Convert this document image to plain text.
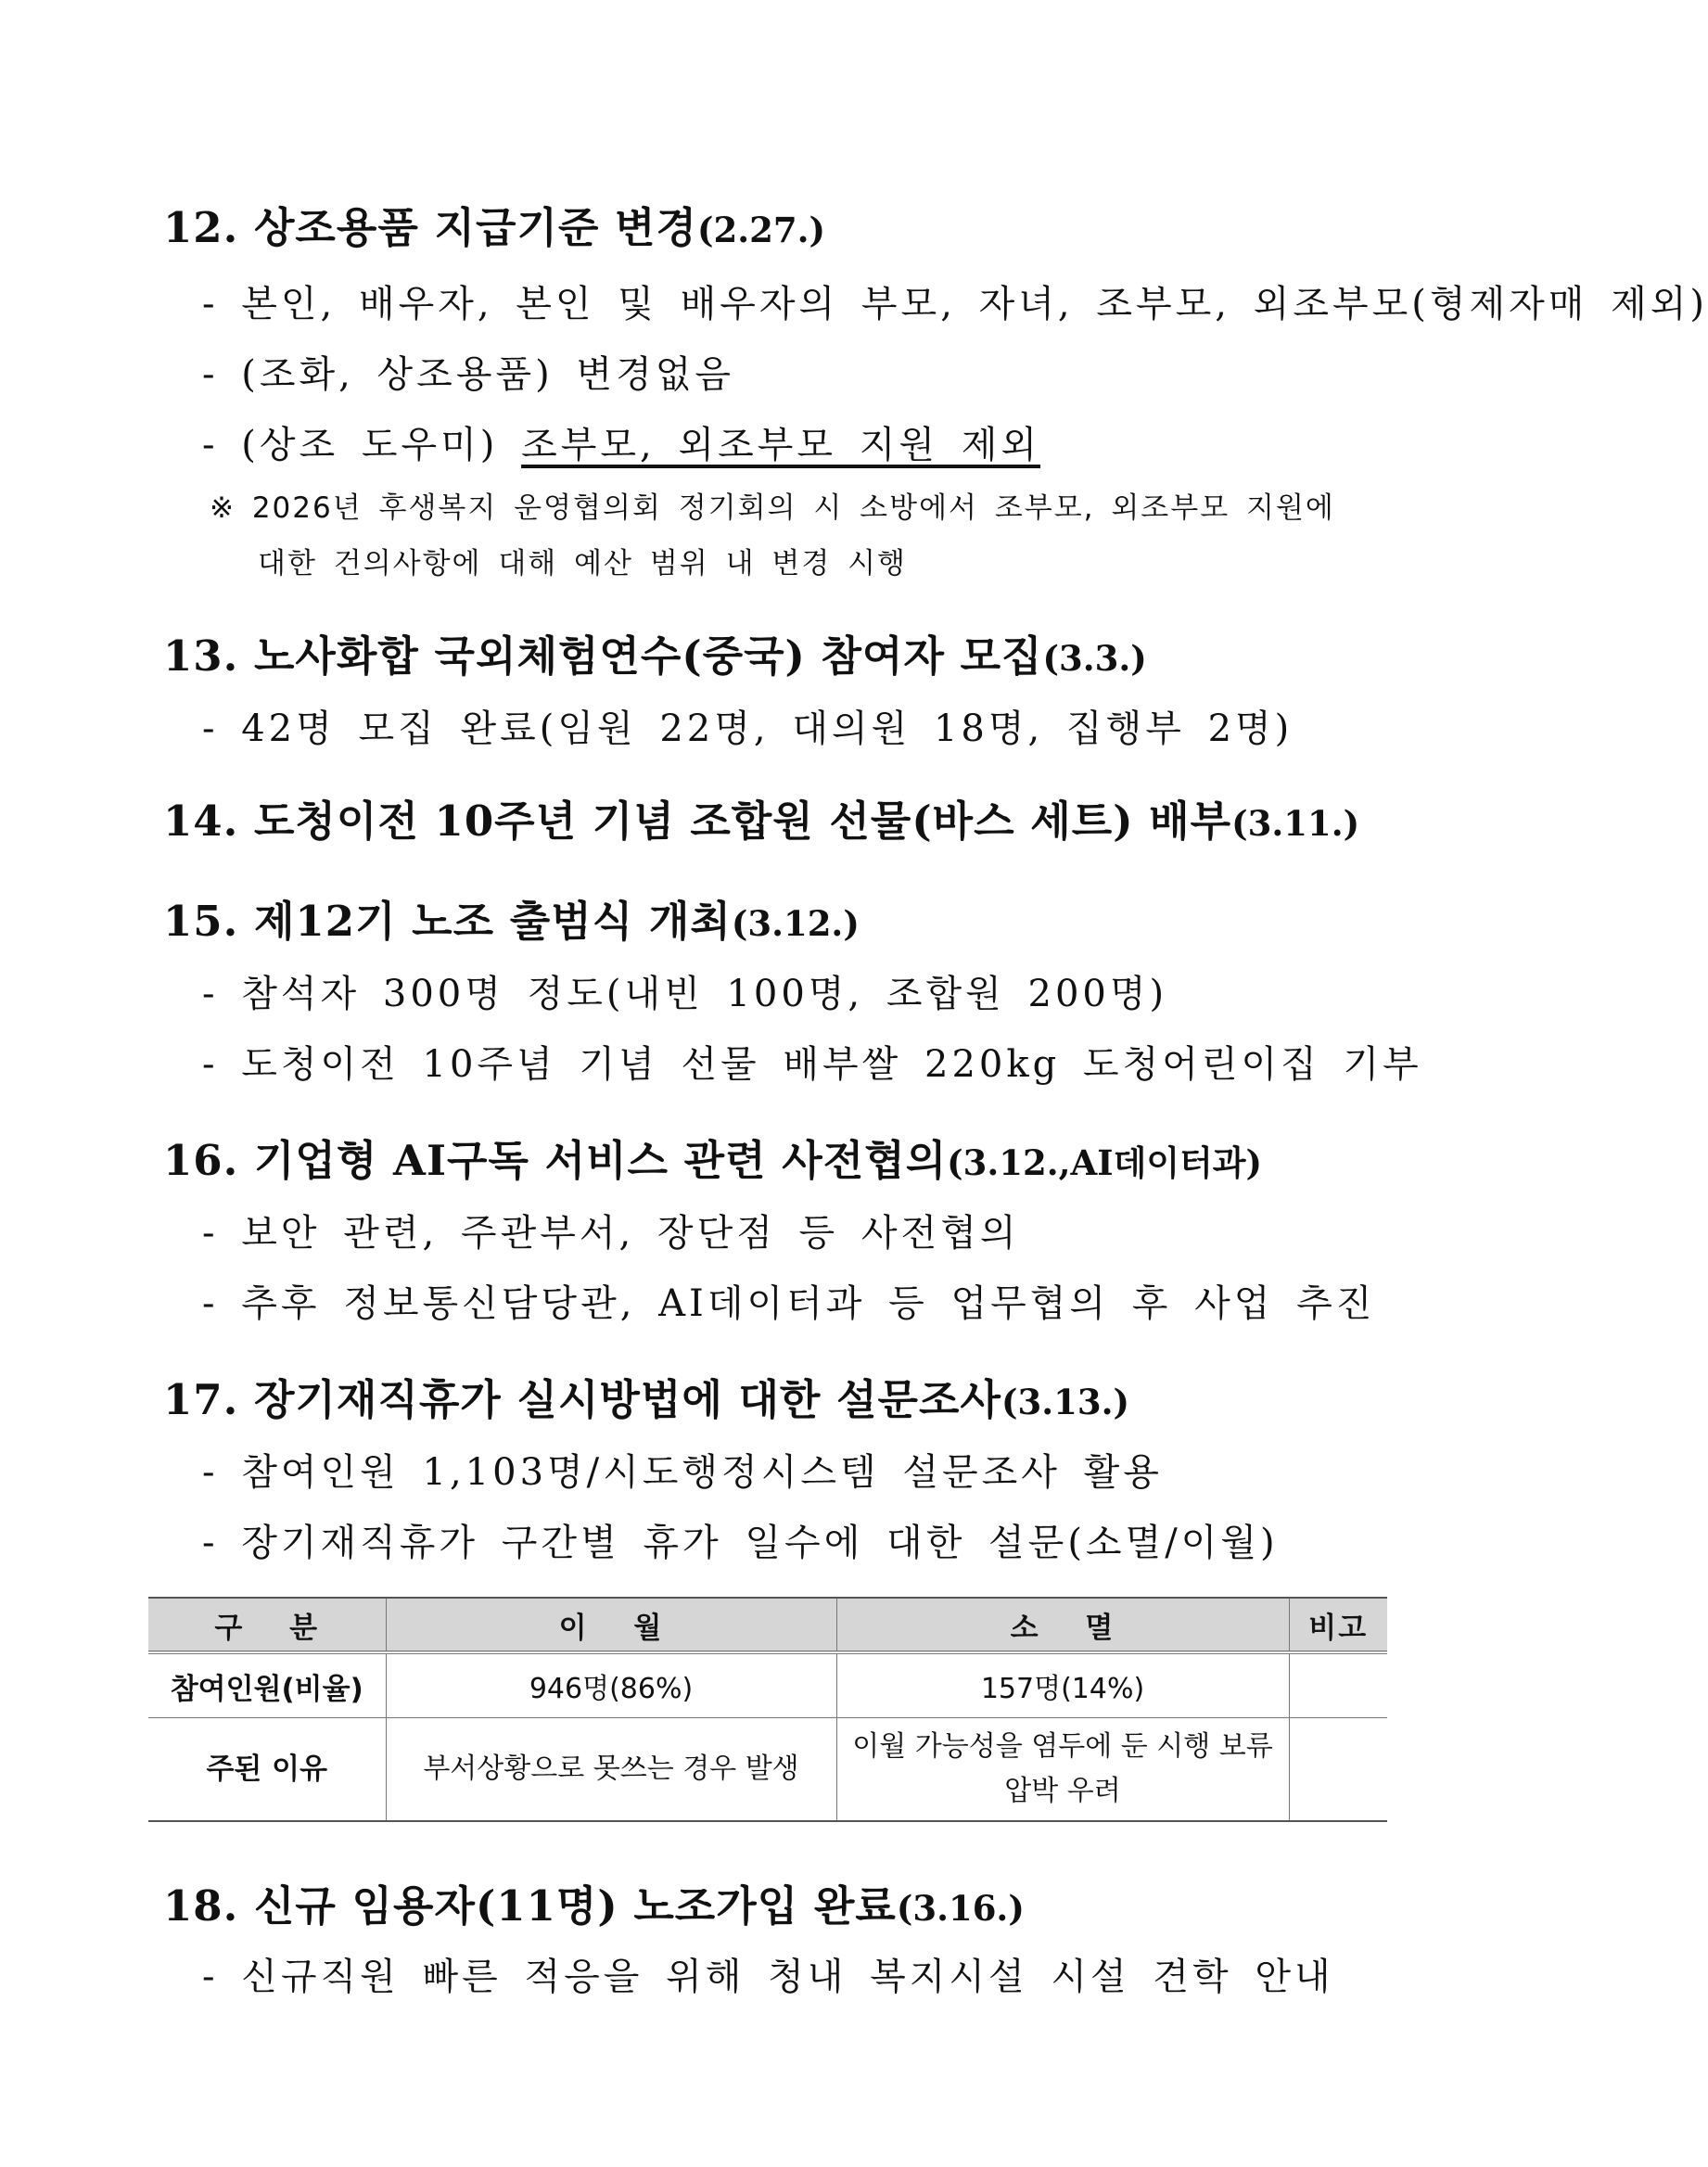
12. 상조용품 지급기준 변경(2.27.)
- 본인, 배우자, 본인 및 배우자의 부모, 자녀, 조부모, 외조부모(형제자매 제외)
- (조화, 상조용품) 변경없음
- (상조 도우미) 조부모, 외조부모 지원 제외
※ 2026년 후생복지 운영협의회 정기회의 시 소방에서 조부모, 외조부모 지원에
대한 건의사항에 대해 예산 범위 내 변경 시행
13. 노사화합 국외체험연수(중국) 참여자 모집(3.3.)
- 42명 모집 완료(임원 22명, 대의원 18명, 집행부 2명)
14. 도청이전 10주년 기념 조합원 선물(바스 세트) 배부(3.11.)
15. 제12기 노조 출범식 개최(3.12.)
- 참석자 300명 정도(내빈 100명, 조합원 200명)
- 도청이전 10주념 기념 선물 배부쌀 220kg 도청어린이집 기부
16. 기업형 AI구독 서비스 관련 사전협의(3.12.,AI데이터과)
- 보안 관련, 주관부서, 장단점 등 사전협의
- 추후 정보통신담당관, AI데이터과 등 업무협의 후 사업 추진
17. 장기재직휴가 실시방법에 대한 설문조사(3.13.)
- 참여인원 1,103명/시도행정시스템 설문조사 활용
- 장기재직휴가 구간별 휴가 일수에 대한 설문(소멸/이월)
구 분	이 월	소 멸	비고
참여인원(비율)	946명(86%)	157명(14%)	
주된 이유	부서상황으로 못쓰는 경우 발생	이월 가능성을 염두에 둔 시행 보류
압박 우려	

18. 신규 임용자(11명) 노조가입 완료(3.16.)
- 신규직원 빠른 적응을 위해 청내 복지시설 시설 견학 안내
